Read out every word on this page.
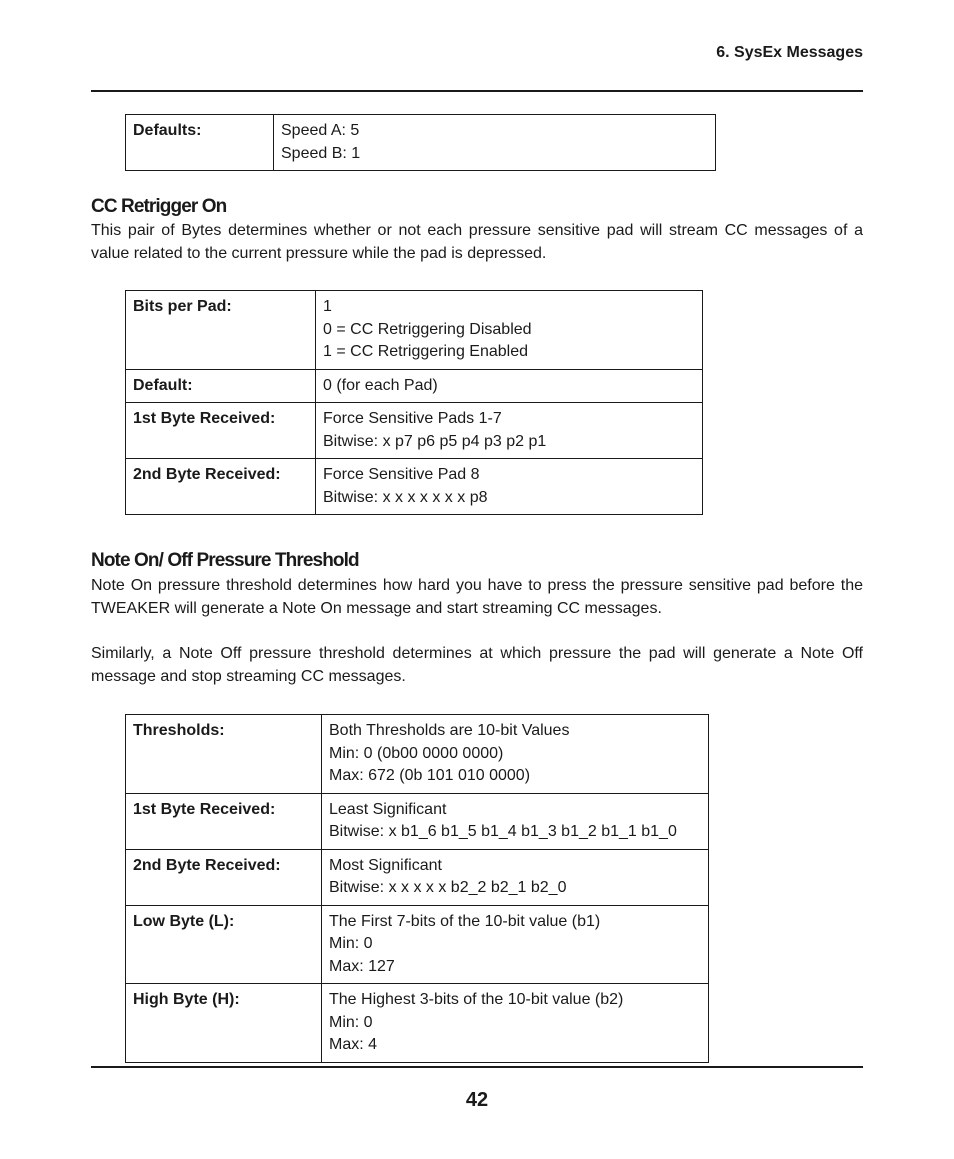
6. SysEx Messages
Defaults:	Speed A: 5
Speed B: 1
CC Retrigger On
This pair of Bytes determines whether or not each pressure sensitive pad will stream CC messages of a value related to the current pressure while the pad is depressed.
Bits per Pad:	1
0 = CC Retriggering Disabled
1 = CC Retriggering Enabled

Default:	0 (for each Pad)

1st Byte Received:	Force Sensitive Pads 1-7
Bitwise: x p7 p6 p5 p4 p3 p2 p1

2nd Byte Received:	Force Sensitive Pad 8
Bitwise: x x x x x x x p8
Note On/ Off Pressure Threshold
Note On pressure threshold determines how hard you have to press the pressure sensitive pad before the TWEAKER will generate a Note On message and start streaming CC messages.
Similarly, a Note Off pressure threshold determines at which pressure the pad will generate a Note Off message and stop streaming CC messages.
Thresholds:	Both Thresholds are 10-bit Values
Min: 0 (0b00 0000 0000)
Max: 672 (0b 101 010 0000)

1st Byte Received:	Least Significant
Bitwise: x b1_6 b1_5 b1_4 b1_3 b1_2 b1_1 b1_0

2nd Byte Received:	Most Significant
Bitwise: x x x x x b2_2 b2_1 b2_0

Low Byte (L):	The First 7-bits of the 10-bit value (b1)
Min: 0
Max: 127

High Byte (H):	The Highest 3-bits of the 10-bit value (b2)
Min: 0
Max: 4
42
